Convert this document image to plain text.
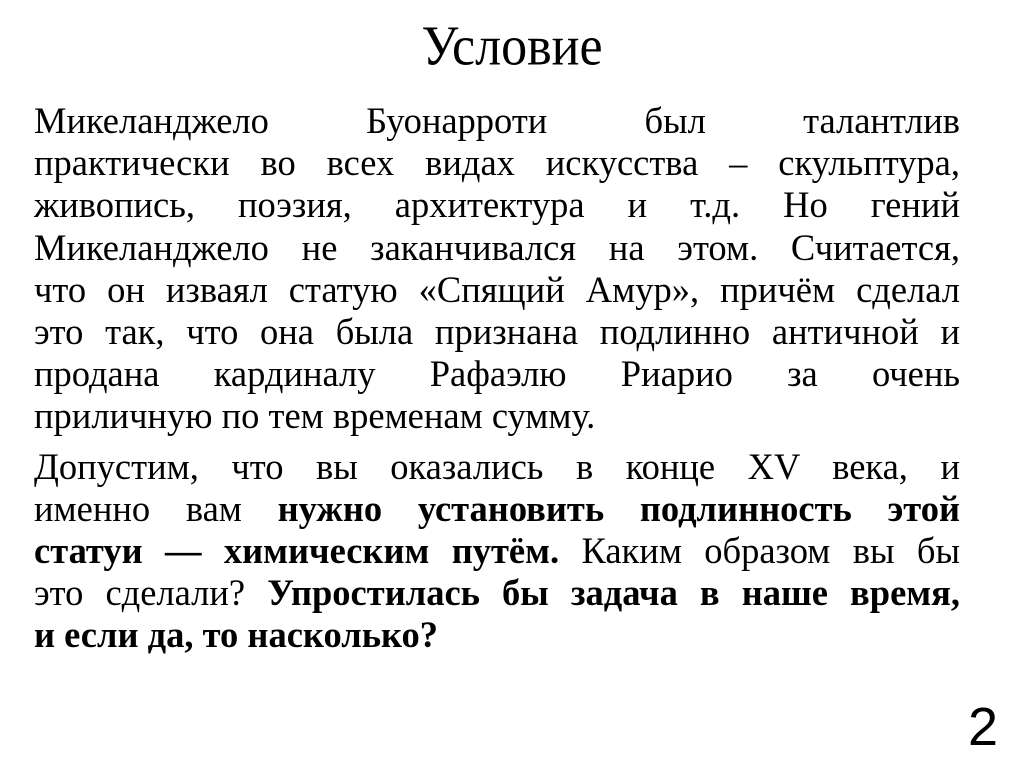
Условие

Микеланджело Буонарроти был талантлив
практически во всех видах искусства – скульптура,
живопись, поэзия, архитектура и т.д. Но гений
Микеланджело не заканчивался на этом. Считается,
что он изваял статую «Спящий Амур», причём сделал
это так, что она была признана подлинно античной и
продана кардиналу Рафаэлю Риарио за очень
приличную по тем временам сумму.

Допустим, что вы оказались в конце XV века, и
именно вам нужно установить подлинность этой
статуи — химическим путём. Каким образом вы бы
это сделали? Упростилась бы задача в наше время,
и если да, то насколько?

2
